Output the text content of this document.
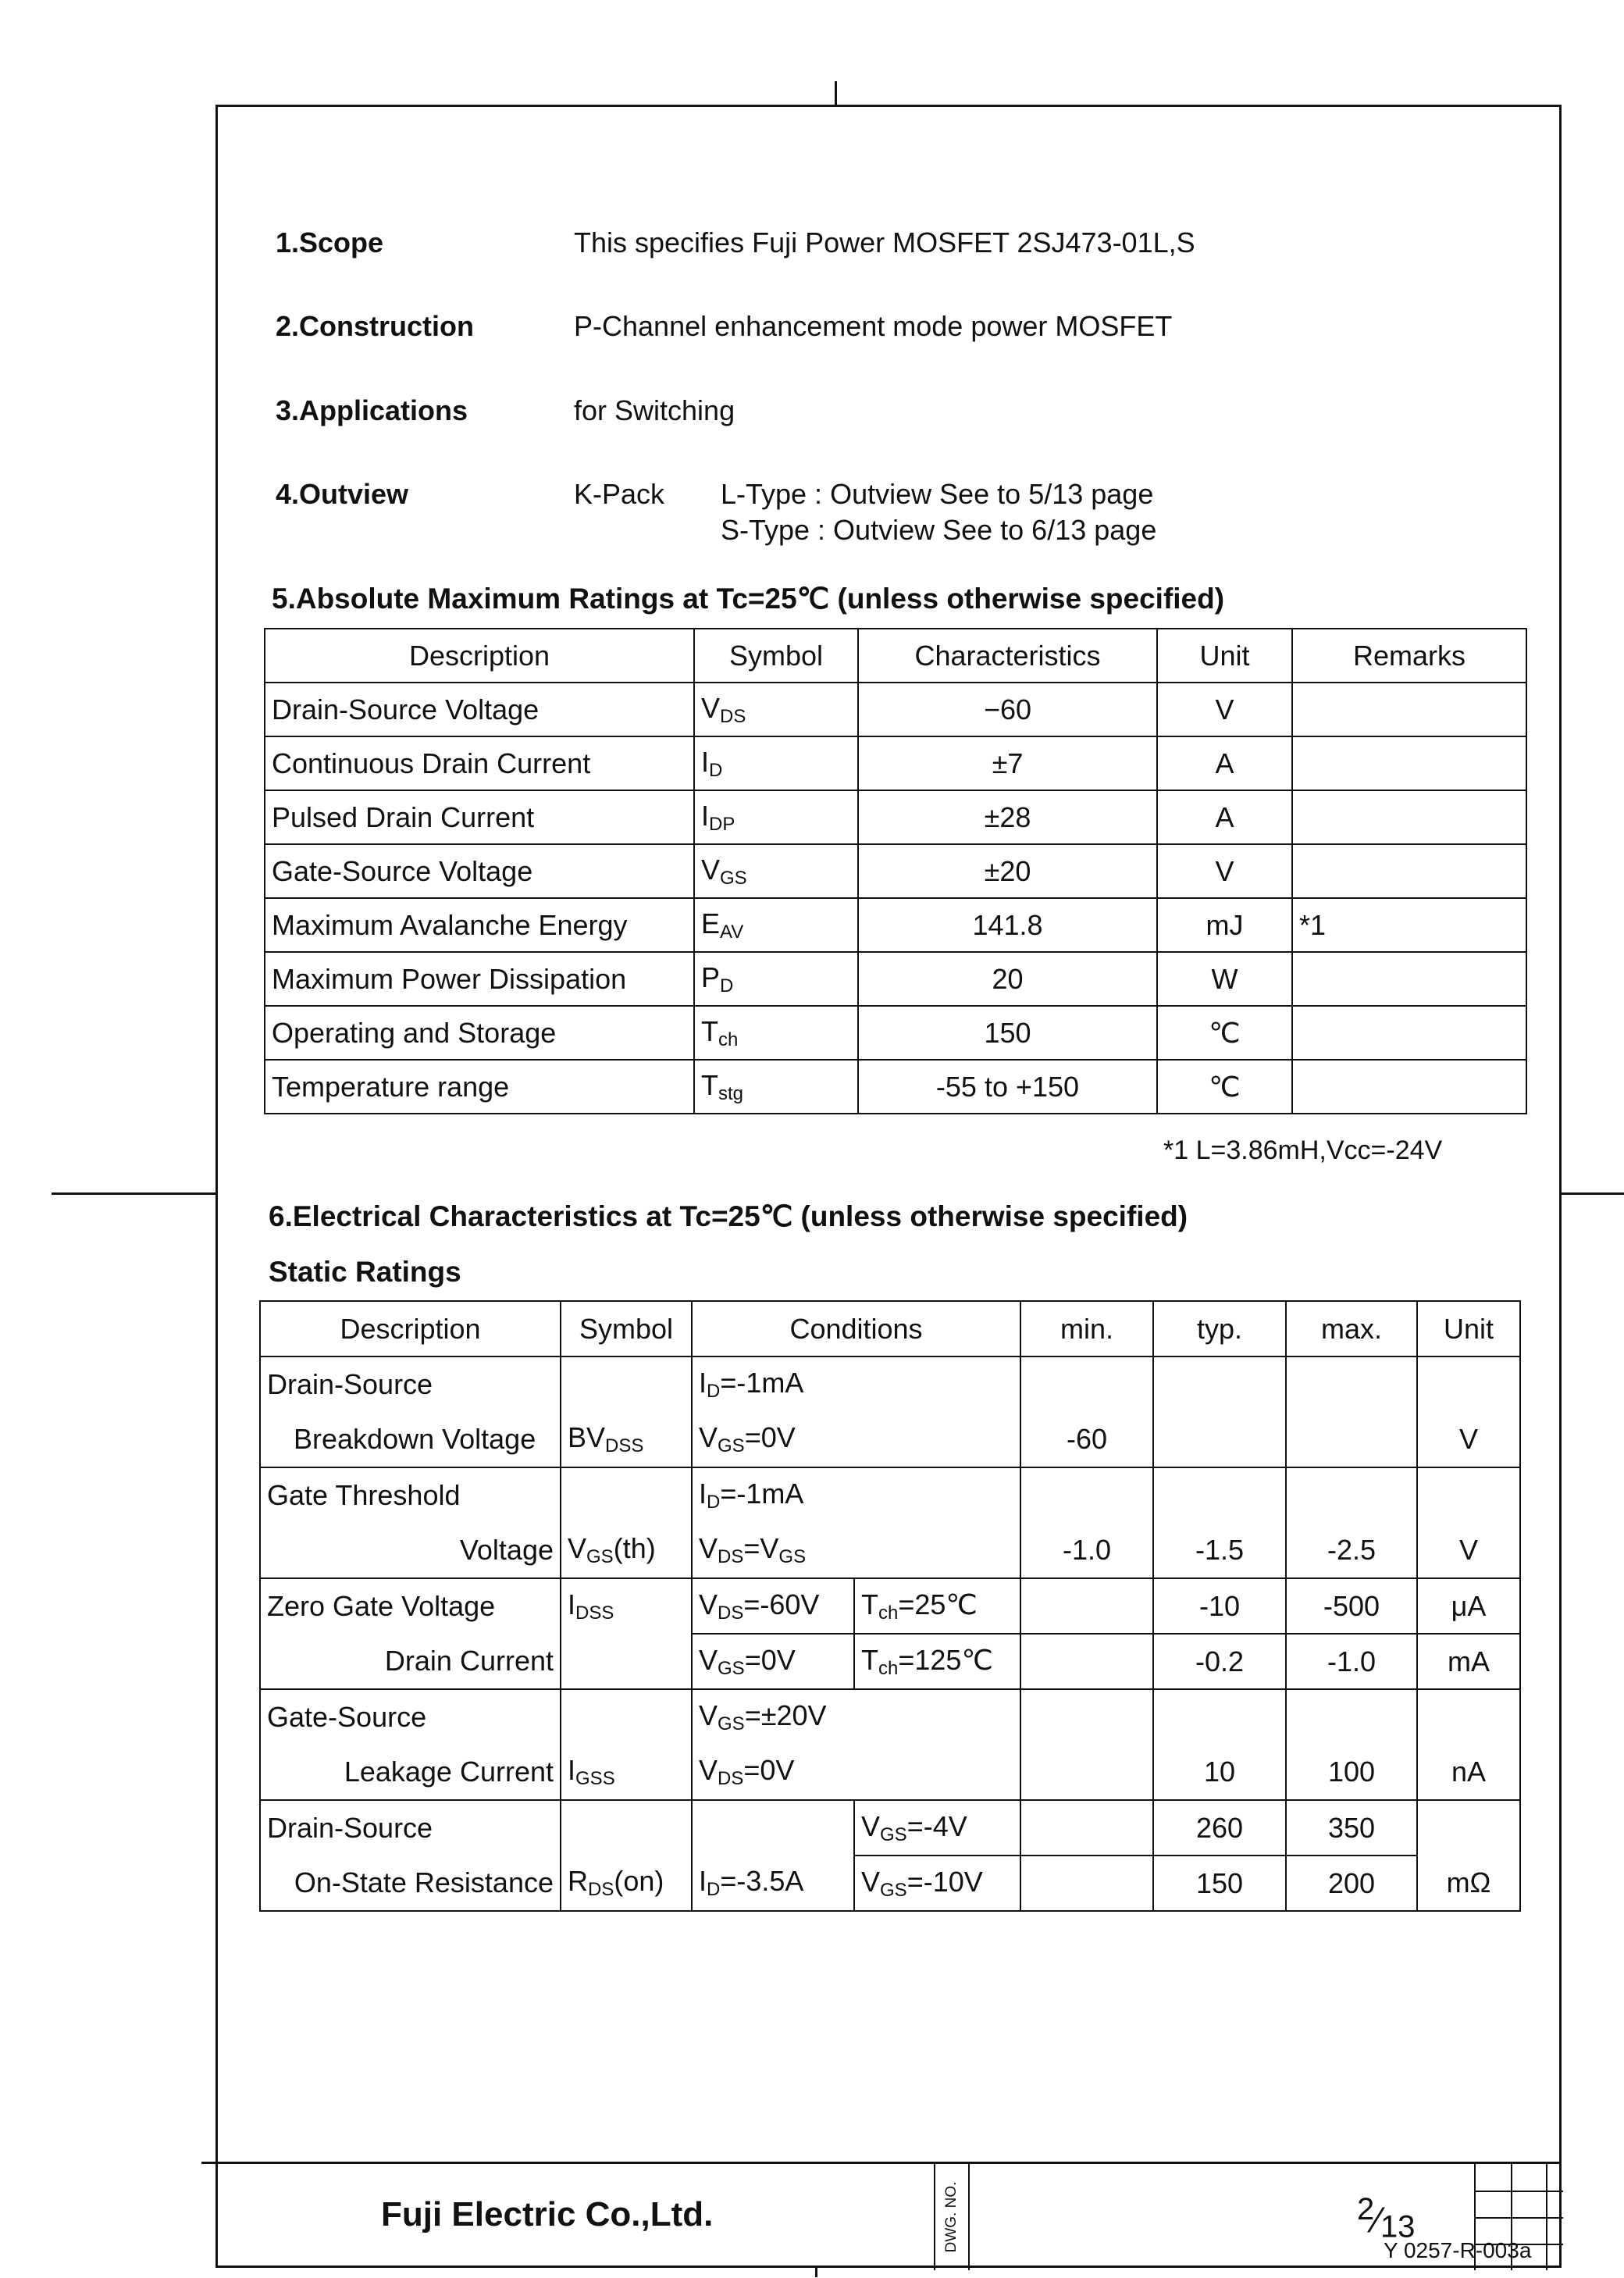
1.Scope	This specifies Fuji Power MOSFET 2SJ473-01L,S
2.Construction	P-Channel enhancement mode power MOSFET
3.Applications	for Switching
4.Outview	K-Pack L-Type : Outview See to 5/13 page
S-Type : Outview See to 6/13 page
5.Absolute Maximum Ratings at Tc=25℃ (unless otherwise specified)
Description	Symbol	Characteristics	Unit	Remarks
Drain-Source Voltage	$V_{DS}$	−60	V	
Continuous Drain Current	$I_D$	±7	A	
Pulsed Drain Current	$I_{DP}$	±28	A	
Gate-Source Voltage	$V_{GS}$	±20	V	
Maximum Avalanche Energy	$E_{AV}$	141.8	mJ	*1
Maximum Power Dissipation	$P_D$	20	W	
Operating and Storage	$T_{ch}$	150	℃	
Temperature range	$T_{stg}$	-55 to +150	℃	
*1 L=3.86mH,Vcc=-24V
6.Electrical Characteristics at Tc=25℃ (unless otherwise specified)
Static Ratings
Description	Symbol	Conditions		min.	typ.	max.	Unit
Drain-Source		$I_D=-1mA$					
Breakdown Voltage	$BV_{DSS}$	$V_{GS}=0V$		-60			V
Gate Threshold		$I_D=-1mA$					
Voltage	$V_{GS}(th)$	$V_{DS}=V_{GS}$		-1.0	-1.5	-2.5	V
Zero Gate Voltage	$I_{DSS}$	$V_{DS}=-60V$	$T_{ch}=25℃$		-10	-500	μA
Drain Current		$V_{GS}=0V$	$T_{ch}=125℃$		-0.2	-1.0	mA
Gate-Source		$V_{GS}=\pm 20V$					
Leakage Current	$I_{GSS}$	$V_{DS}=0V$			10	100	nA
Drain-Source			$V_{GS}=-4V$		260	350	
On-State Resistance	$R_{DS}(on)$	$I_D=-3.5A$	$V_{GS}=-10V$		150	200	mΩ
Fuji Electric Co.,Ltd.	DWG. NO.	$^2⁄_{13}$
Y 0257-R-003a
